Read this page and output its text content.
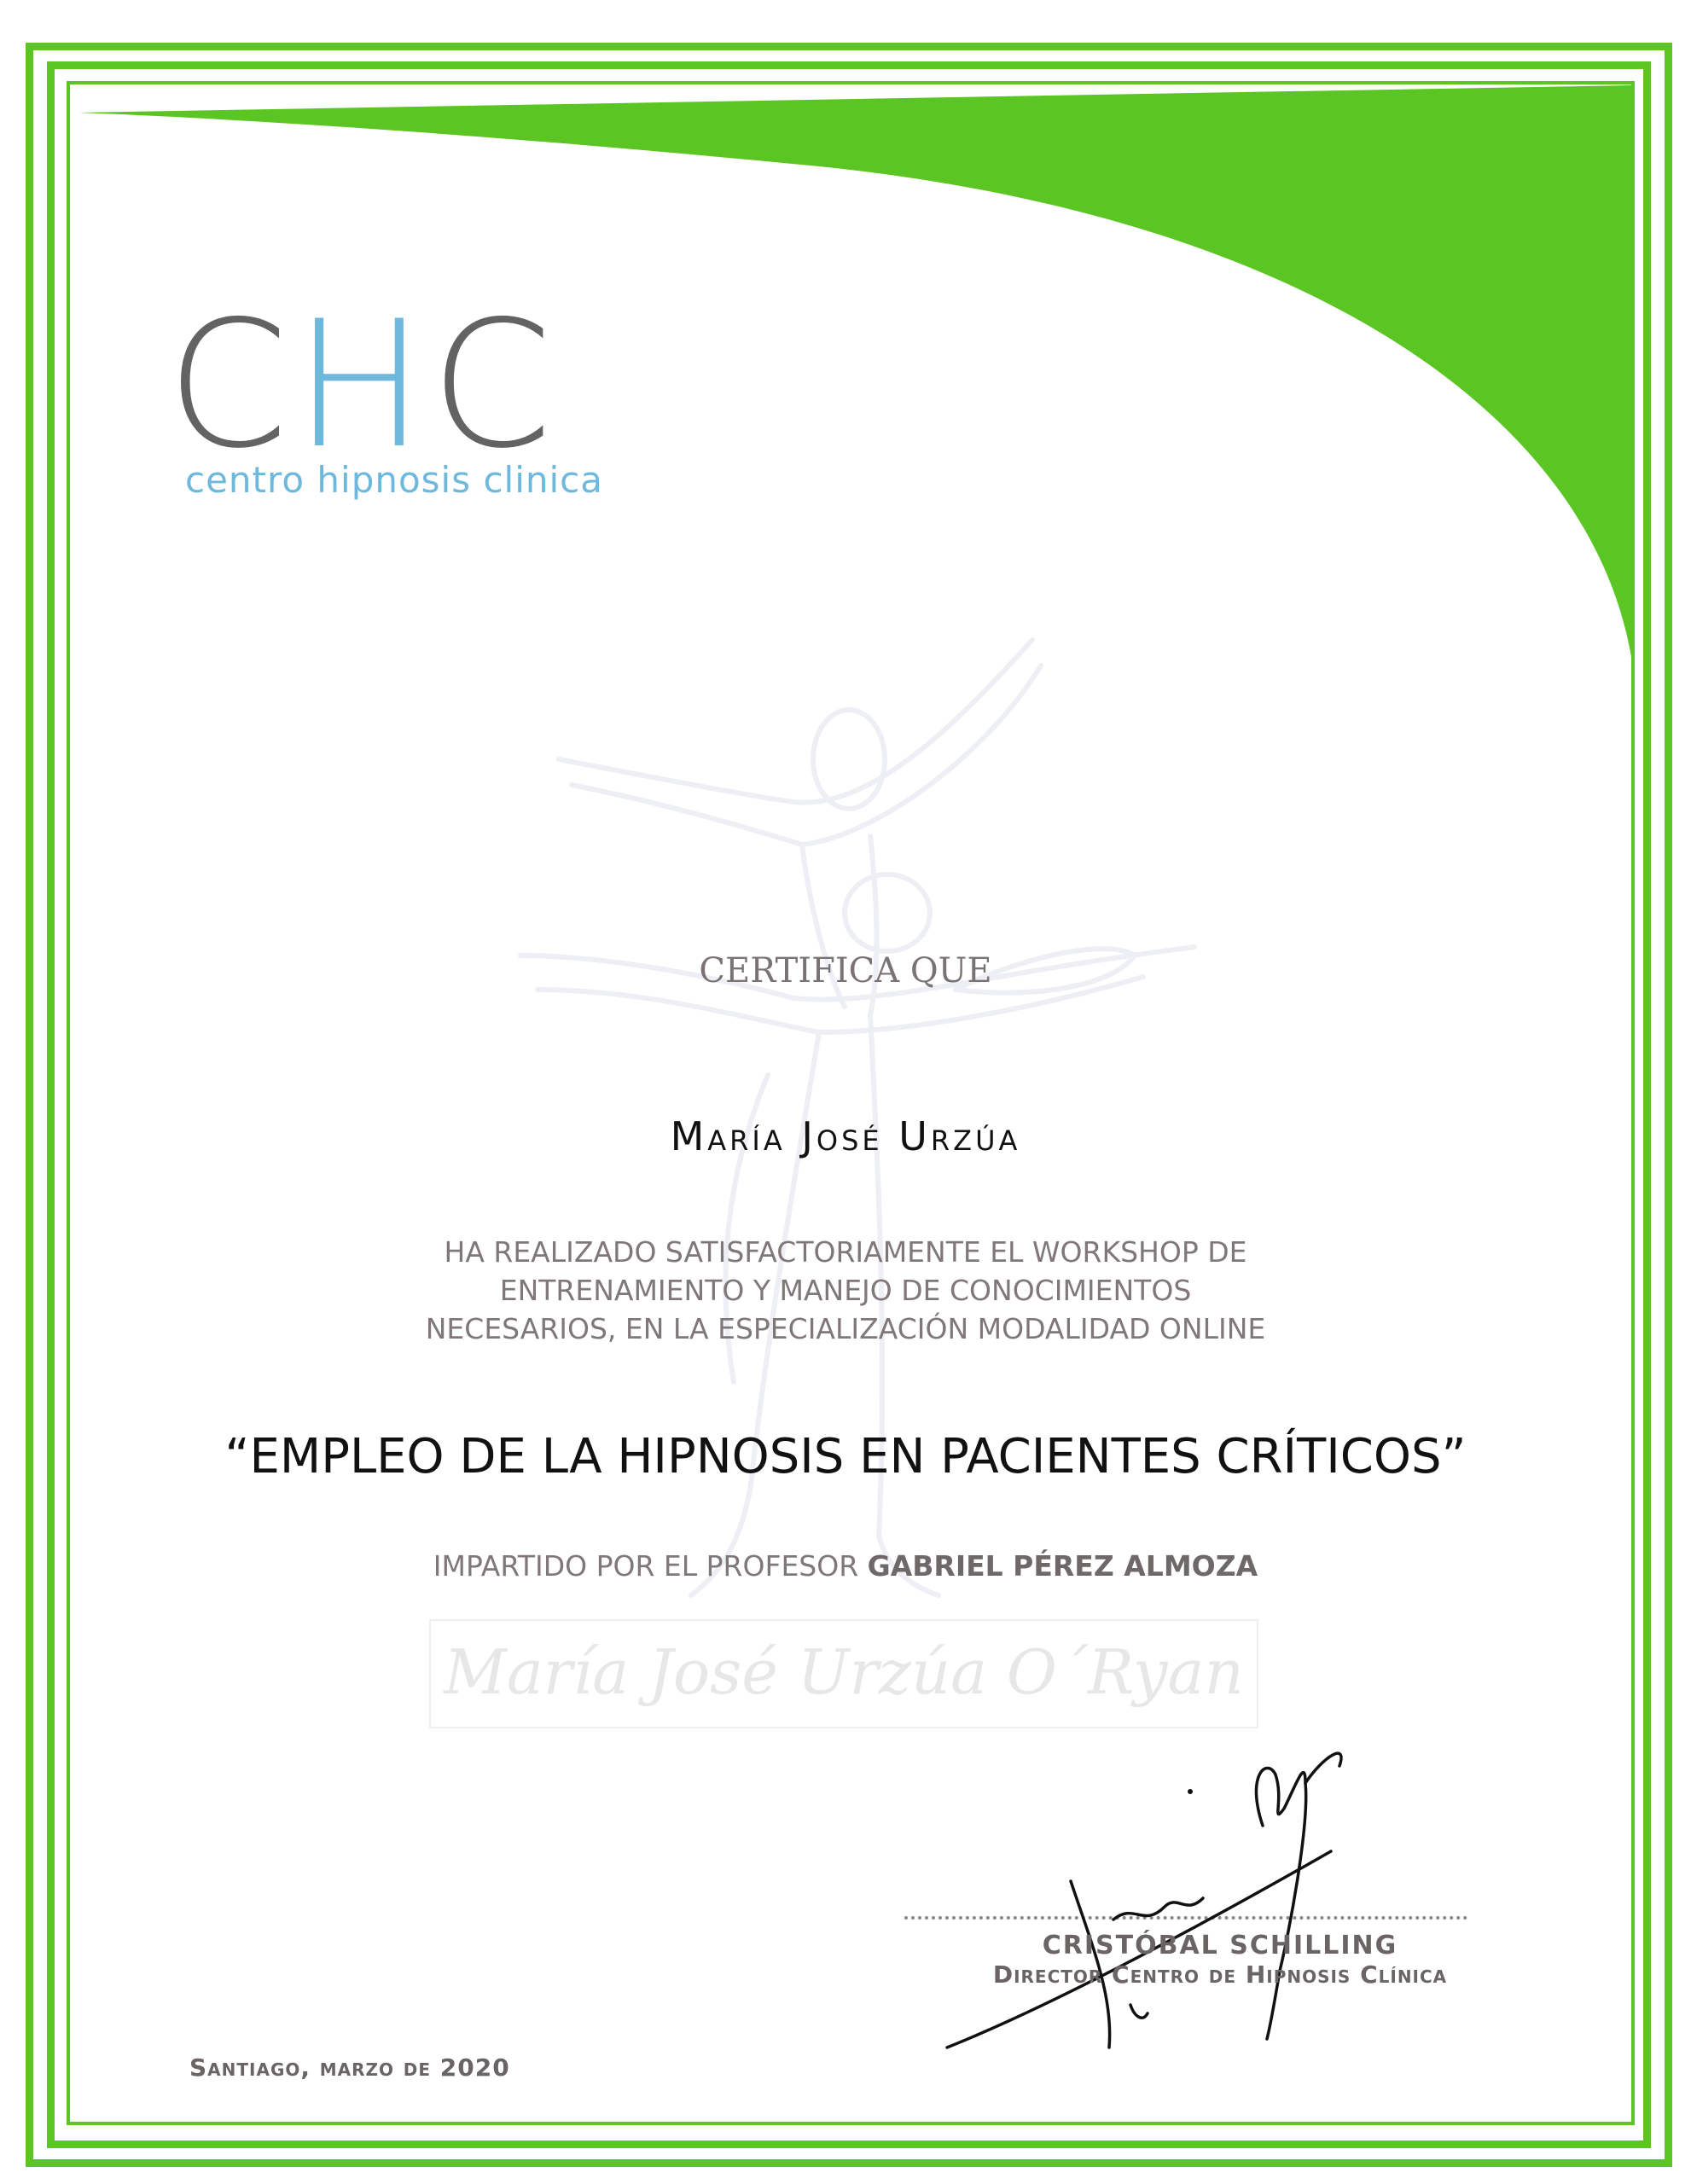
CHC
centro hipnosis clinica
CERTIFICA QUE
María José Urzúa
HA REALIZADO SATISFACTORIAMENTE EL WORKSHOP DE
ENTRENAMIENTO Y MANEJO DE CONOCIMIENTOS
NECESARIOS, EN LA ESPECIALIZACIÓN MODALIDAD ONLINE
“EMPLEO DE LA HIPNOSIS EN PACIENTES CRÍTICOS”
IMPARTIDO POR EL PROFESOR GABRIEL PÉREZ ALMOZA
María José Urzúa O´Ryan
CRISTÓBAL SCHILLING
Director Centro de Hipnosis Clínica
Santiago, marzo de 2020
